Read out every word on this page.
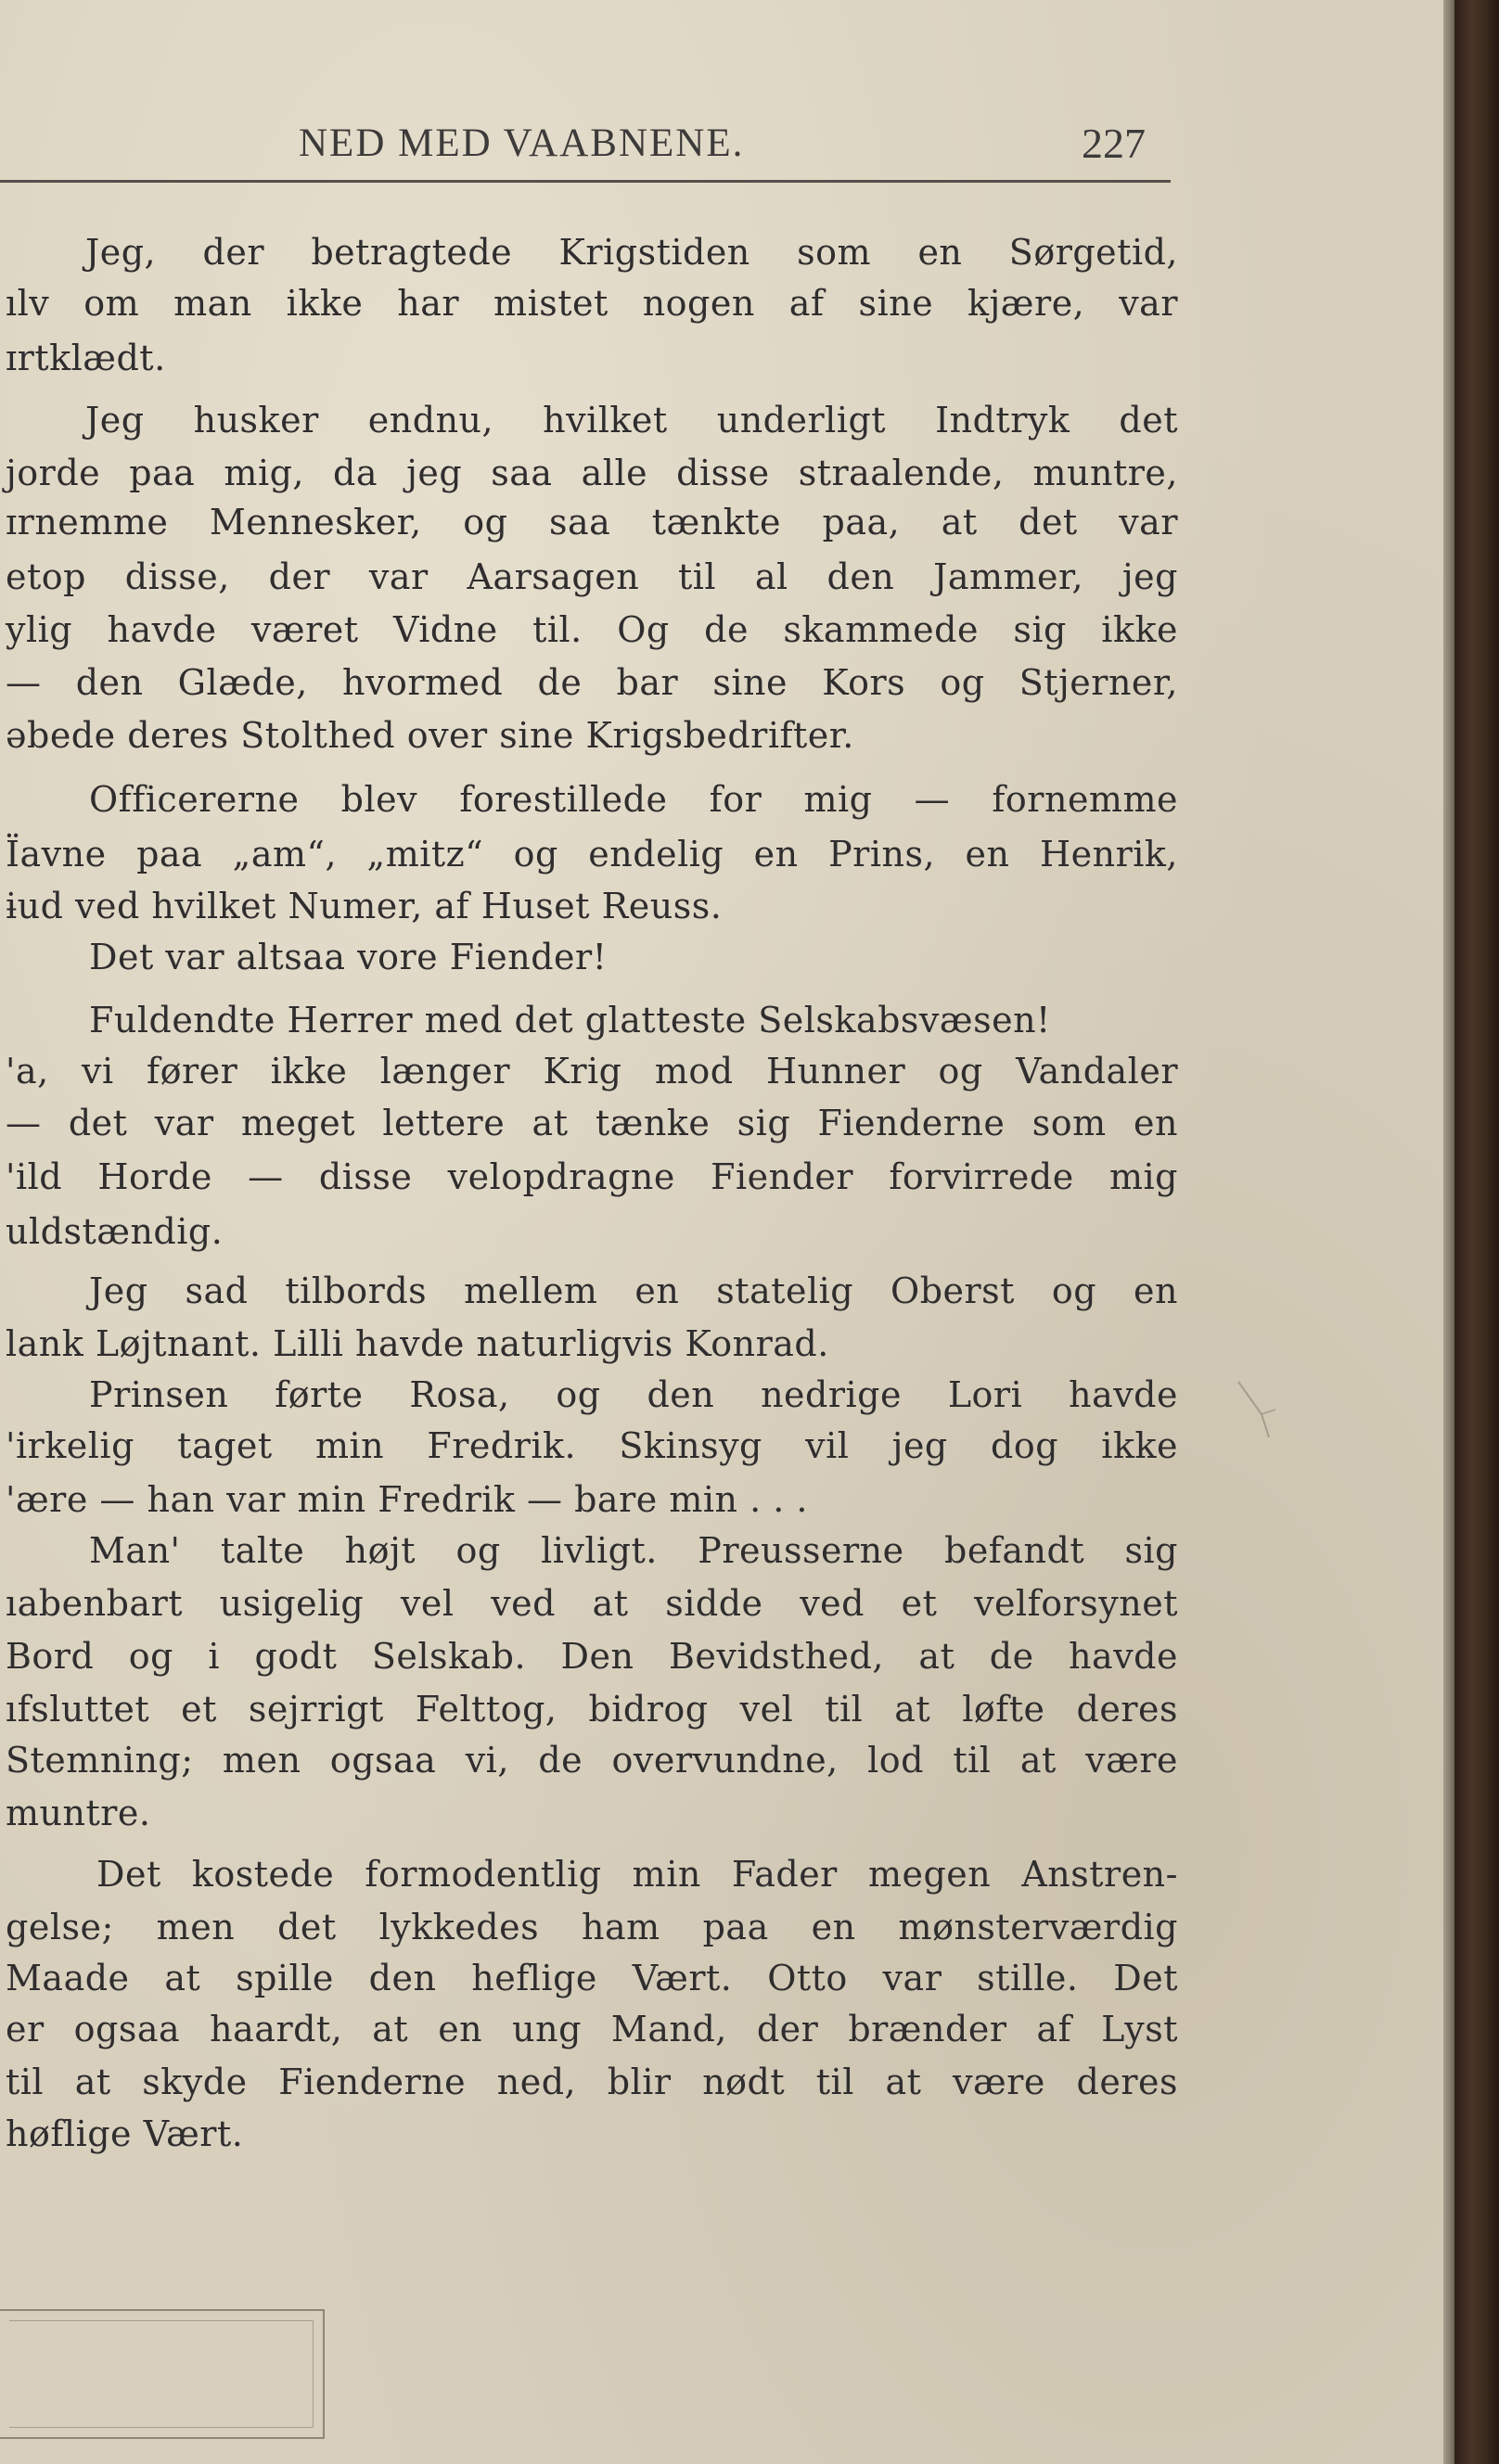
NED MED VAABNENE.	227
Jeg, der betragtede Krigstiden som en Sørgetid,
ılv om man ikke har mistet nogen af sine kjære, var
ɪrtklædt.
Jeg husker endnu, hvilket underligt Indtryk det
jorde paa mig, da jeg saa alle disse straalende, muntre,
ɪrnemme Mennesker, og saa tænkte paa, at det var
etop disse, der var Aarsagen til al den Jammer, jeg
ylig havde været Vidne til. Og de skammede sig ikke
— den Glæde, hvormed de bar sine Kors og Stjerner,
əbede deres Stolthed over sine Krigsbedrifter.
Officererne blev forestillede for mig — fornemme
Ïavne paa „am“, „mitz“ og endelig en Prins, en Henrik,
ɨud ved hvilket Numer, af Huset Reuss.
Det var altsaa vore Fiender!
Fuldendte Herrer med det glatteste Selskabsvæsen!
'a, vi fører ikke længer Krig mod Hunner og Vandaler
— det var meget lettere at tænke sig Fienderne som en
'ild Horde — disse velopdragne Fiender forvirrede mig
uldstændig.
Jeg sad tilbords mellem en statelig Oberst og en
lank Løjtnant. Lilli havde naturligvis Konrad.
Prinsen førte Rosa, og den nedrige Lori havde
'irkelig taget min Fredrik. Skinsyg vil jeg dog ikke
'ære — han var min Fredrik — bare min . . .
Man' talte højt og livligt. Preusserne befandt sig
ıabenbart usigelig vel ved at sidde ved et velforsynet
Bord og i godt Selskab. Den Bevidsthed, at de havde
ıfsluttet et sejrrigt Felttog, bidrog vel til at løfte deres
Stemning; men ogsaa vi, de overvundne, lod til at være
muntre.
Det kostede formodentlig min Fader megen Anstren-
gelse; men det lykkedes ham paa en mønsterværdig
Maade at spille den heflige Vært. Otto var stille. Det
er ogsaa haardt, at en ung Mand, der brænder af Lyst
til at skyde Fienderne ned, blir nødt til at være deres
høflige Vært.
